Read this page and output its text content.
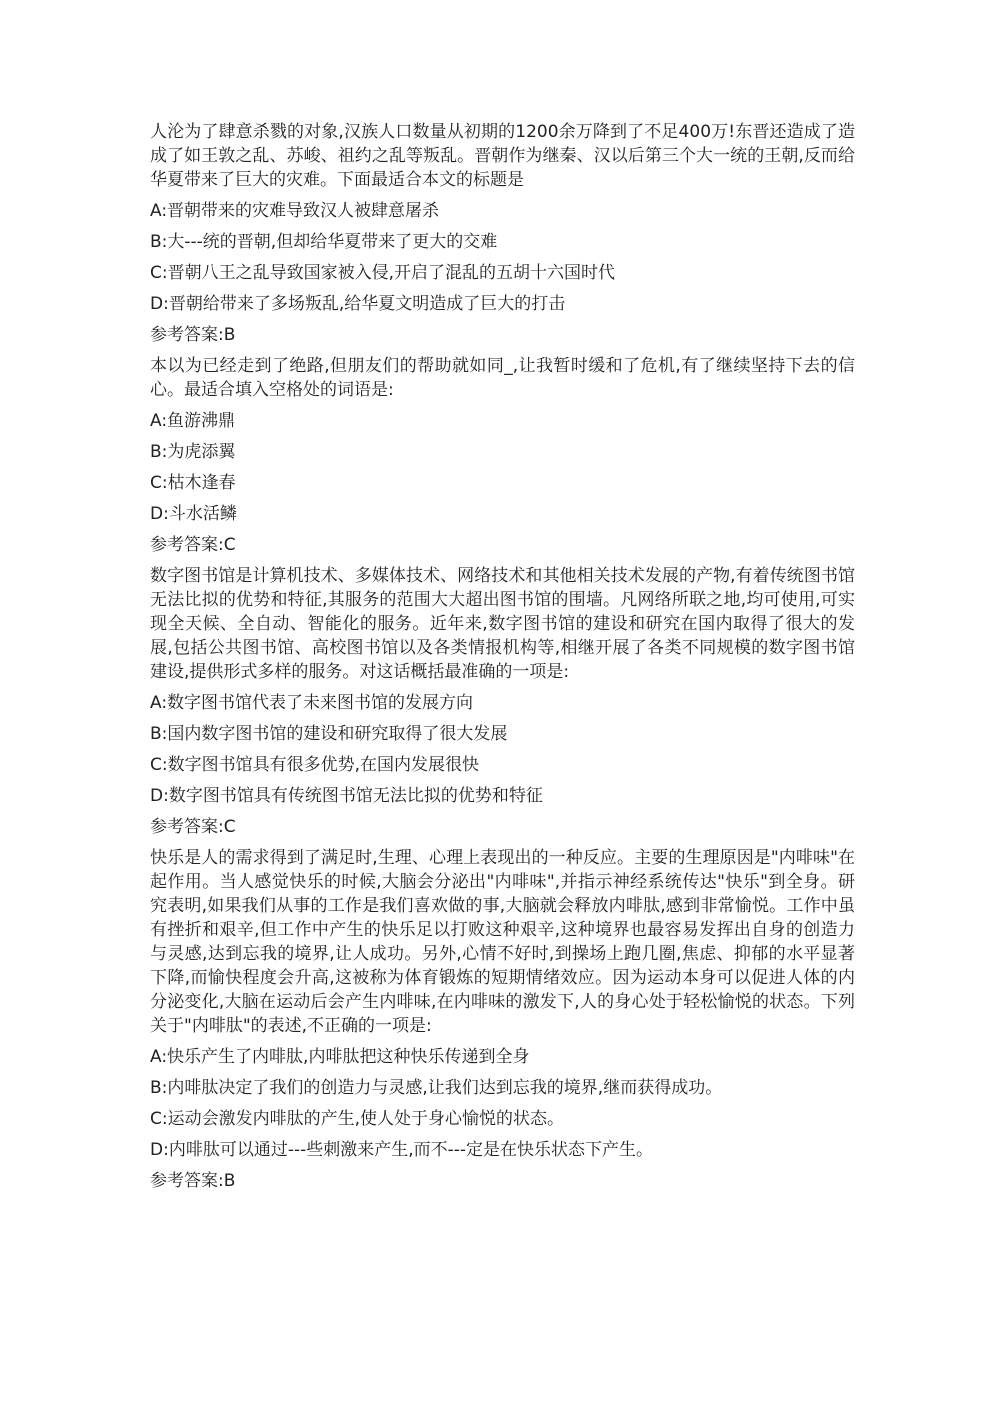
人沦为了肆意杀戮的对象,汉族人口数量从初期的1200余万降到了不足400万!东晋还造成了造成了如王敦之乱、苏峻、祖约之乱等叛乱。晋朝作为继秦、汉以后第三个大一统的王朝,反而给华夏带来了巨大的灾难。下面最适合本文的标题是

A:晋朝带来的灾难导致汉人被肆意屠杀
B:大---统的晋朝,但却给华夏带来了更大的交难
C:晋朝八王之乱导致国家被入侵,开启了混乱的五胡十六国时代
D:晋朝给带来了多场叛乱,给华夏文明造成了巨大的打击

参考答案:B

本以为已经走到了绝路,但朋友们的帮助就如同_,让我暂时缓和了危机,有了继续坚持下去的信心。最适合填入空格处的词语是:

A:鱼游沸鼎
B:为虎添翼
C:枯木逢春
D:斗水活鳞

参考答案:C

数字图书馆是计算机技术、多媒体技术、网络技术和其他相关技术发展的产物,有着传统图书馆无法比拟的优势和特征,其服务的范围大大超出图书馆的围墙。凡网络所联之地,均可使用,可实现全天候、全自动、智能化的服务。近年来,数字图书馆的建设和研究在国内取得了很大的发展,包括公共图书馆、高校图书馆以及各类情报机构等,相继开展了各类不同规模的数字图书馆建设,提供形式多样的服务。对这话概括最准确的一项是:

A:数字图书馆代表了未来图书馆的发展方向
B:国内数字图书馆的建设和研究取得了很大发展
C:数字图书馆具有很多优势,在国内发展很快
D:数字图书馆具有传统图书馆无法比拟的优势和特征

参考答案:C

快乐是人的需求得到了满足时,生理、心理上表现出的一种反应。主要的生理原因是"内啡味"在起作用。当人感觉快乐的时候,大脑会分泌出"内啡味",并指示神经系统传达"快乐"到全身。研究表明,如果我们从事的工作是我们喜欢做的事,大脑就会释放内啡肽,感到非常愉悦。工作中虽有挫折和艰辛,但工作中产生的快乐足以打败这种艰辛,这种境界也最容易发挥出自身的创造力与灵感,达到忘我的境界,让人成功。另外,心情不好时,到操场上跑几圈,焦虑、抑郁的水平显著下降,而愉快程度会升高,这被称为体育锻炼的短期情绪效应。因为运动本身可以促进人体的内分泌变化,大脑在运动后会产生内啡味,在内啡味的激发下,人的身心处于轻松愉悦的状态。下列关于"内啡肽"的表述,不正确的一项是:

A:快乐产生了内啡肽,内啡肽把这种快乐传递到全身
B:内啡肽决定了我们的创造力与灵感,让我们达到忘我的境界,继而获得成功。
C:运动会激发内啡肽的产生,使人处于身心愉悦的状态。
D:内啡肽可以通过---些刺激来产生,而不---定是在快乐状态下产生。

参考答案:B
